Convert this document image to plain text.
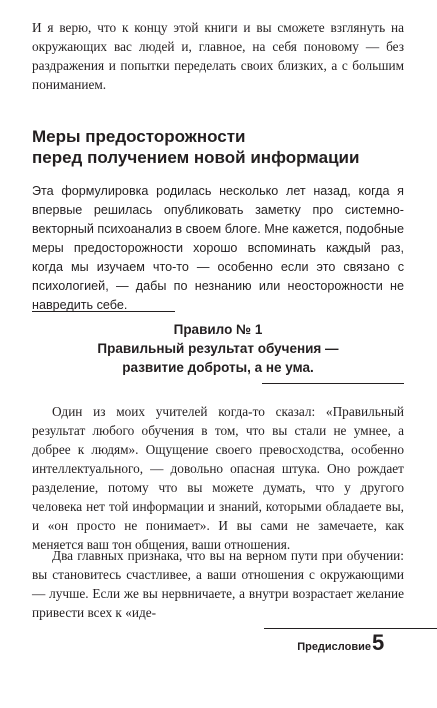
И я верю, что к концу этой книги и вы сможете взглянуть на окружающих вас людей и, главное, на себя поновому — без раздражения и попытки переделать своих близких, а с большим пониманием.

Меры предосторожности
перед получением новой информации

Эта формулировка родилась несколько лет назад, когда я впервые решилась опубликовать заметку про системно-векторный психоанализ в своем блоге. Мне кажется, подобные меры предосторожности хорошо вспоминать каждый раз, когда мы изучаем что-то — особенно если это связано с психологией, — дабы по незнанию или неосторожности не навредить себе.

Правило № 1
Правильный результат обучения —
развитие доброты, а не ума.

Один из моих учителей когда-то сказал: «Правильный результат любого обучения в том, что вы стали не умнее, а добрее к людям». Ощущение своего превосходства, особенно интеллектуального, — довольно опасная штука. Оно рождает разделение, потому что вы можете думать, что у другого человека нет той информации и знаний, которыми обладаете вы, и «он просто не понимает». И вы сами не замечаете, как меняется ваш тон общения, ваши отношения.

Два главных признака, что вы на верном пути при обучении: вы становитесь счастливее, а ваши отношения с окружающими — лучше. Если же вы нервничаете, а внутри возрастает желание привести всех к «иде-

Предисловие 5
